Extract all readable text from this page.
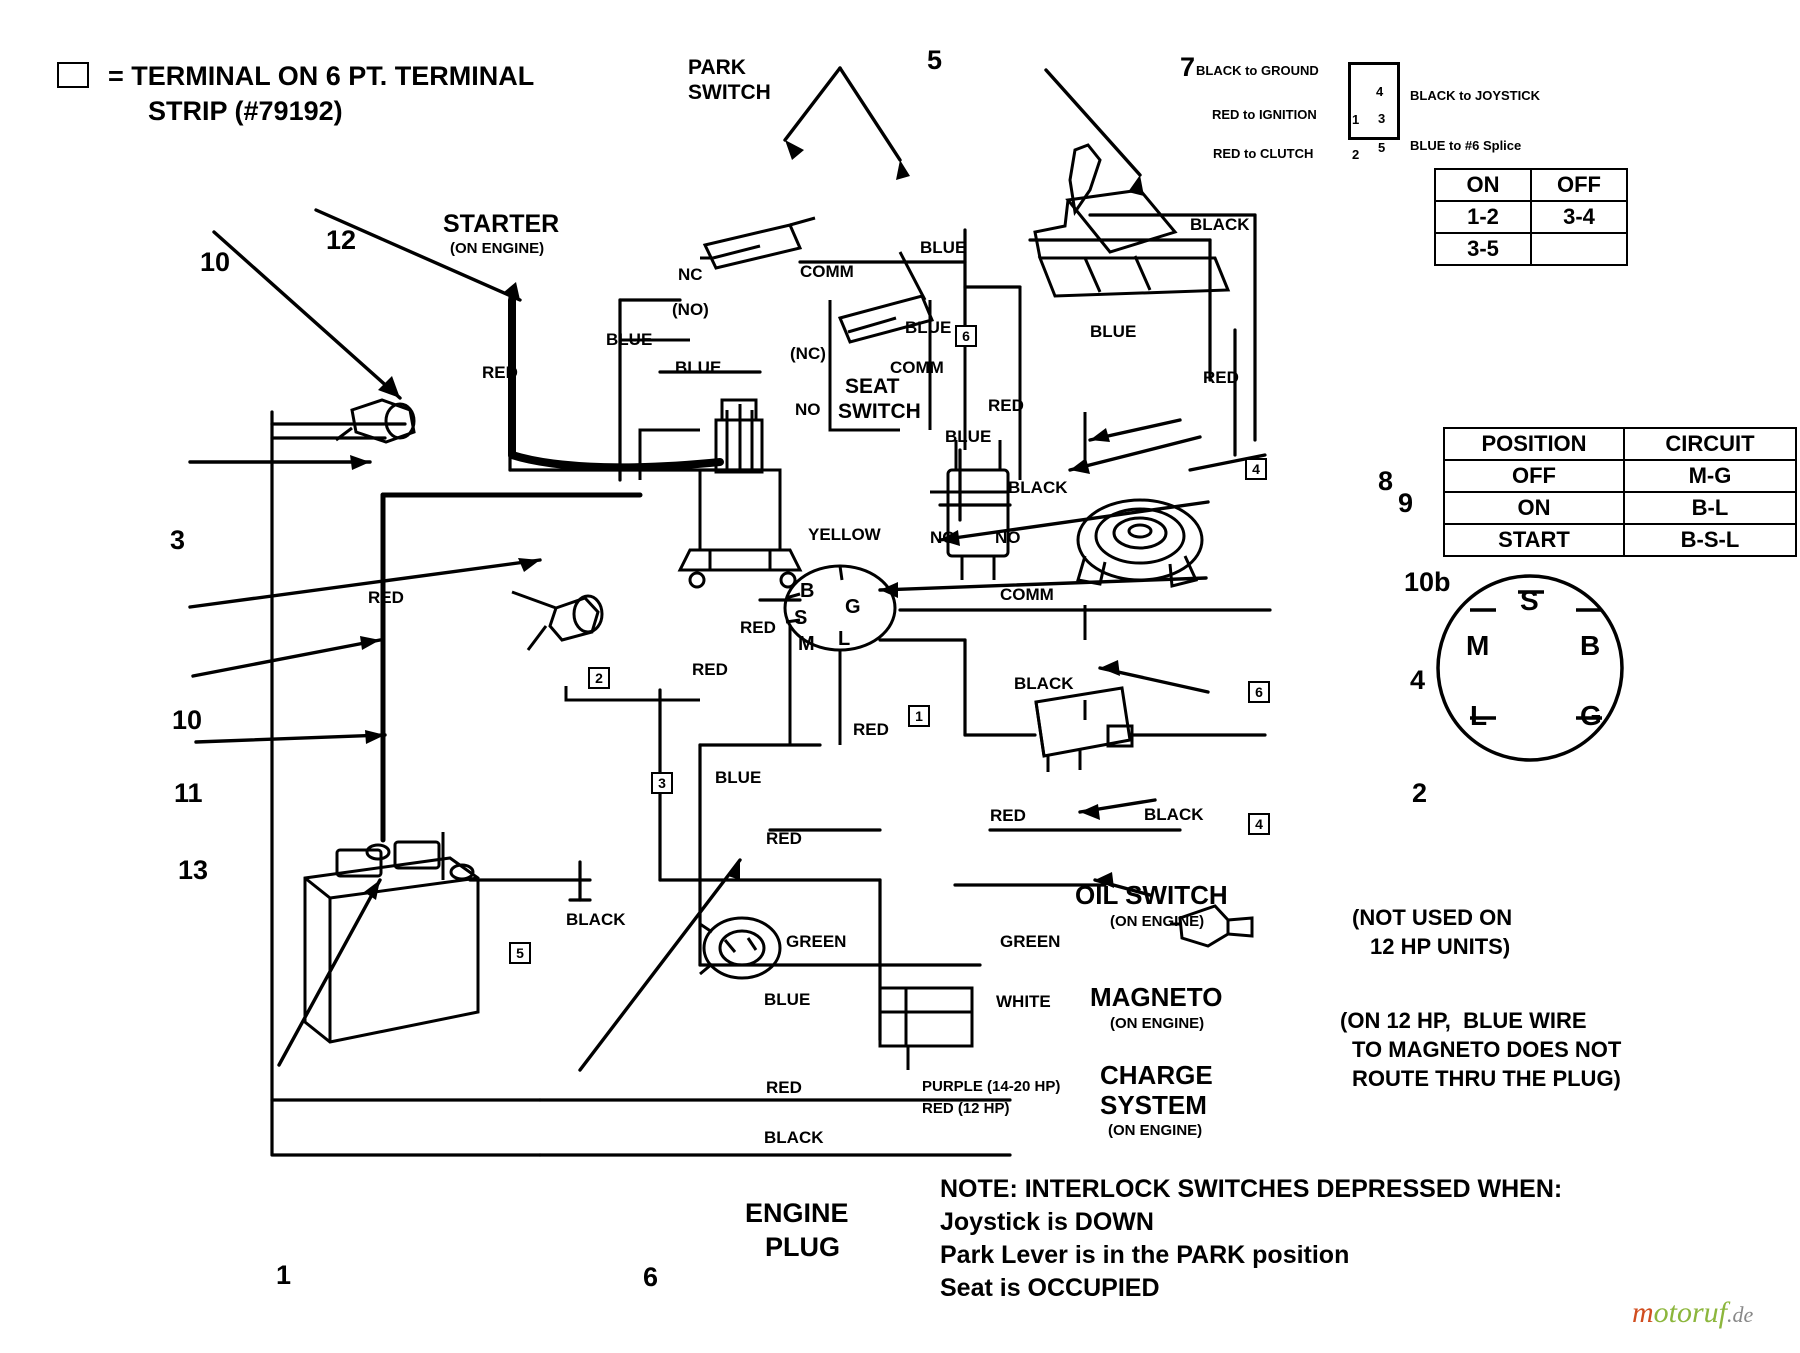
= TERMINAL ON 6 PT. TERMINAL
STRIP (#79192)
10
12
3
10
11
13
1	6
5	7
8
9
10b
4
2
STARTER
(ON ENGINE)
PARK
SWITCH
NC
(NO)
COMM
SEAT
SWITCH
(NC)
NO
COMM
NC NO
COMM
B
S G
M L
BLUE
BLUE
BLUE
BLUE
BLUE
BLUE
BLUE
BLUE
BLACK
BLACK
BLACK
BLACK
BLACK
BLACK
RED	RED
RED
RED
RED
RED
RED
RED
RED
RED
YELLOW
GREEN	GREEN
WHITE
6
4
2
6
1
3
4
5
BLACK to GROUND
RED to IGNITION
RED to CLUTCH
BLACK to JOYSTICK
BLUE to #6 Splice
4
1 3
2 5
ON	OFF
1-2	3-4
3-5	
POSITION	CIRCUIT
OFF	M-G
ON	B-L
START	B-S-L
S
M	B
L	G
OIL SWITCH
(ON ENGINE)	(NOT USED ON
12 HP UNITS)
MAGNETO
(ON ENGINE)	(ON 12 HP,  BLUE WIRE
TO MAGNETO DOES NOT
ROUTE THRU THE PLUG)
CHARGE
SYSTEM
(ON ENGINE)
PURPLE (14-20 HP)
RED (12 HP)
ENGINE
PLUG
NOTE: INTERLOCK SWITCHES DEPRESSED WHEN:
Joystick is DOWN
Park Lever is in the PARK position
Seat is OCCUPIED
motoruf.de
